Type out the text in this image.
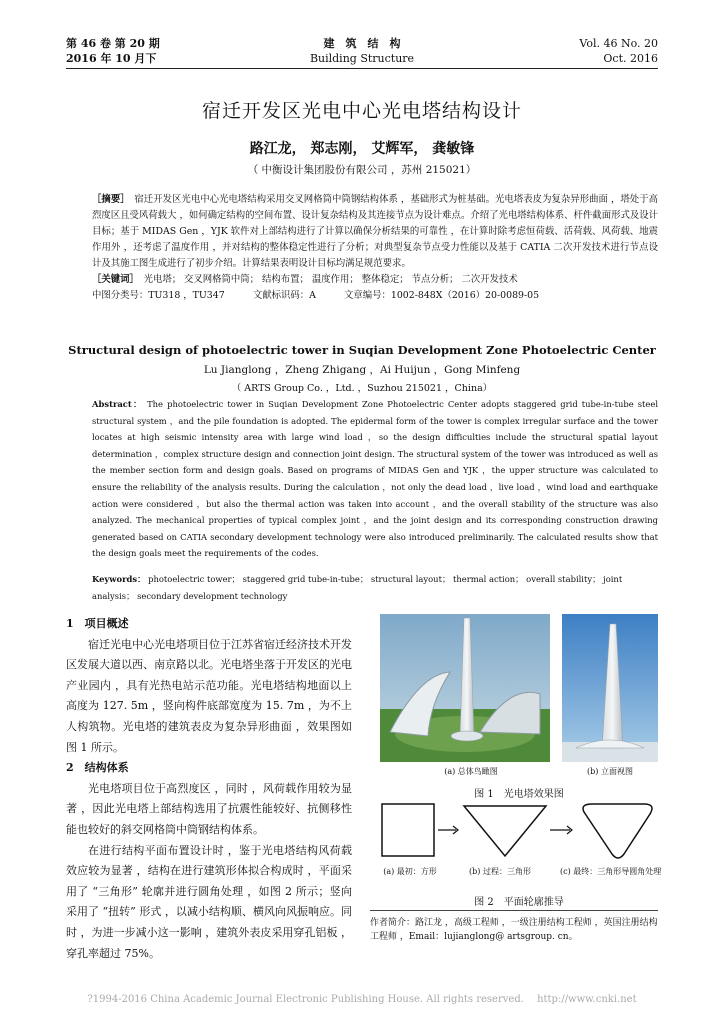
第 46 卷 第 20 期
2016 年 10 月下
建　筑　结　构
Building Structure
Vol. 46 No. 20
Oct. 2016
宿迁开发区光电中心光电塔结构设计
路江龙， 郑志刚， 艾辉军， 龚敏锋
（ 中衡设计集团股份有限公司 ，苏州 215021）
［摘要］　 宿迁开发区光电中心光电塔结构采用交叉网格筒中筒钢结构体系 ，基础形式为桩基础。光电塔表皮为复杂异形曲面 ，塔处于高烈度区且受风荷载大 ，如何确定结构的空间布置、设计复杂结构及其连接节点为设计难点。介绍了光电塔结构体系、杆件截面形式及设计目标；基于 MIDAS Gen ，YJK 软件对上部结构进行了计算以确保分析结果的可靠性 ，在计算时除考虑恒荷载、活荷载、风荷载、地震作用外 ，还考虑了温度作用 ，并对结构的整体稳定性进行了分析；对典型复杂节点受力性能以及基于 CATIA 二次开发技术进行节点设计及其施工图生成进行了初步介绍。计算结果表明设计目标均满足规范要求。
［关键词］　 光电塔； 交叉网格筒中筒； 结构布置； 温度作用； 整体稳定； 节点分析； 二次开发技术
中图分类号：TU318 ，TU347　　　文献标识码：A　　　文章编号：1002-848X（2016）20-0089-05
Structural design of photoelectric tower in Suqian Development Zone Photoelectric Center
Lu Jianglong ，Zheng Zhigang ，Ai Huijun ，Gong Minfeng
（ ARTS Group Co. ，Ltd. ，Suzhou 215021 ，China）
Abstract： The photoelectric tower in Suqian Development Zone Photoelectric Center adopts staggered grid tube-in-tube steel structural system ，and the pile foundation is adopted. The epidermal form of the tower is complex irregular surface and the tower locates at high seismic intensity area with large wind load ，so the design difficulties include the structural spatial layout determination ，complex structure design and connection joint design. The structural system of the tower was introduced as well as the member section form and design goals. Based on programs of MIDAS Gen and YJK ，the upper structure was calculated to ensure the reliability of the analysis results. During the calculation ，not only the dead load ，live load ，wind load and earthquake action were considered ，but also the thermal action was taken into account ，and the overall stability of the structure was also analyzed. The mechanical properties of typical complex joint ，and the joint design and its corresponding construction drawing generated based on CATIA secondary development technology were also introduced preliminarily. The calculated results show that the design goals meet the requirements of the codes.
Keywords： photoelectric tower； staggered grid tube-in-tube； structural layout； thermal action； overall stability； joint analysis； secondary development technology
1　项目概述

宿迁光电中心光电塔项目位于江苏省宿迁经济技术开发区发展大道以西、南京路以北。光电塔坐落于开发区的光电产业园内 ，具有光热电站示范功能。光电塔结构地面以上高度为 127. 5m ，竖向构件底部宽度为 15. 7m ，为不上人构筑物。光电塔的建筑表皮为复杂异形曲面 ，效果图如图 1 所示。

2　结构体系

光电塔项目位于高烈度区 ，同时 ，风荷载作用较为显著 ，因此光电塔上部结构选用了抗震性能较好、抗侧移性能也较好的斜交网格筒中筒钢结构体系。

在进行结构平面布置设计时 ，鉴于光电塔结构风荷载效应较为显著 ，结构在进行建筑形体拟合构成时 ，平面采用了 “三角形” 轮廓并进行圆角处理 ，如图 2 所示；竖向采用了 “扭转” 形式 ，以减小结构顺、横风向风振响应。同时 ，为进一步减小这一影响 ，建筑外表皮采用穿孔铝板 ，穿孔率超过 75%。

(a) 总体鸟瞰图	(b) 立面视图
图 1　光电塔效果图
(a) 最初：方形	(b) 过程：三角形	(c) 最终：三角形导圆角处理
图 2　平面轮廓推导
作者简介：路江龙 ，高级工程师 ，一级注册结构工程师 ，英国注册结构工程师 ，Email：lujianglong@ artsgroup. cn。
?1994-2016 China Academic Journal Electronic Publishing House. All rights reserved.　 http://www.cnki.net
